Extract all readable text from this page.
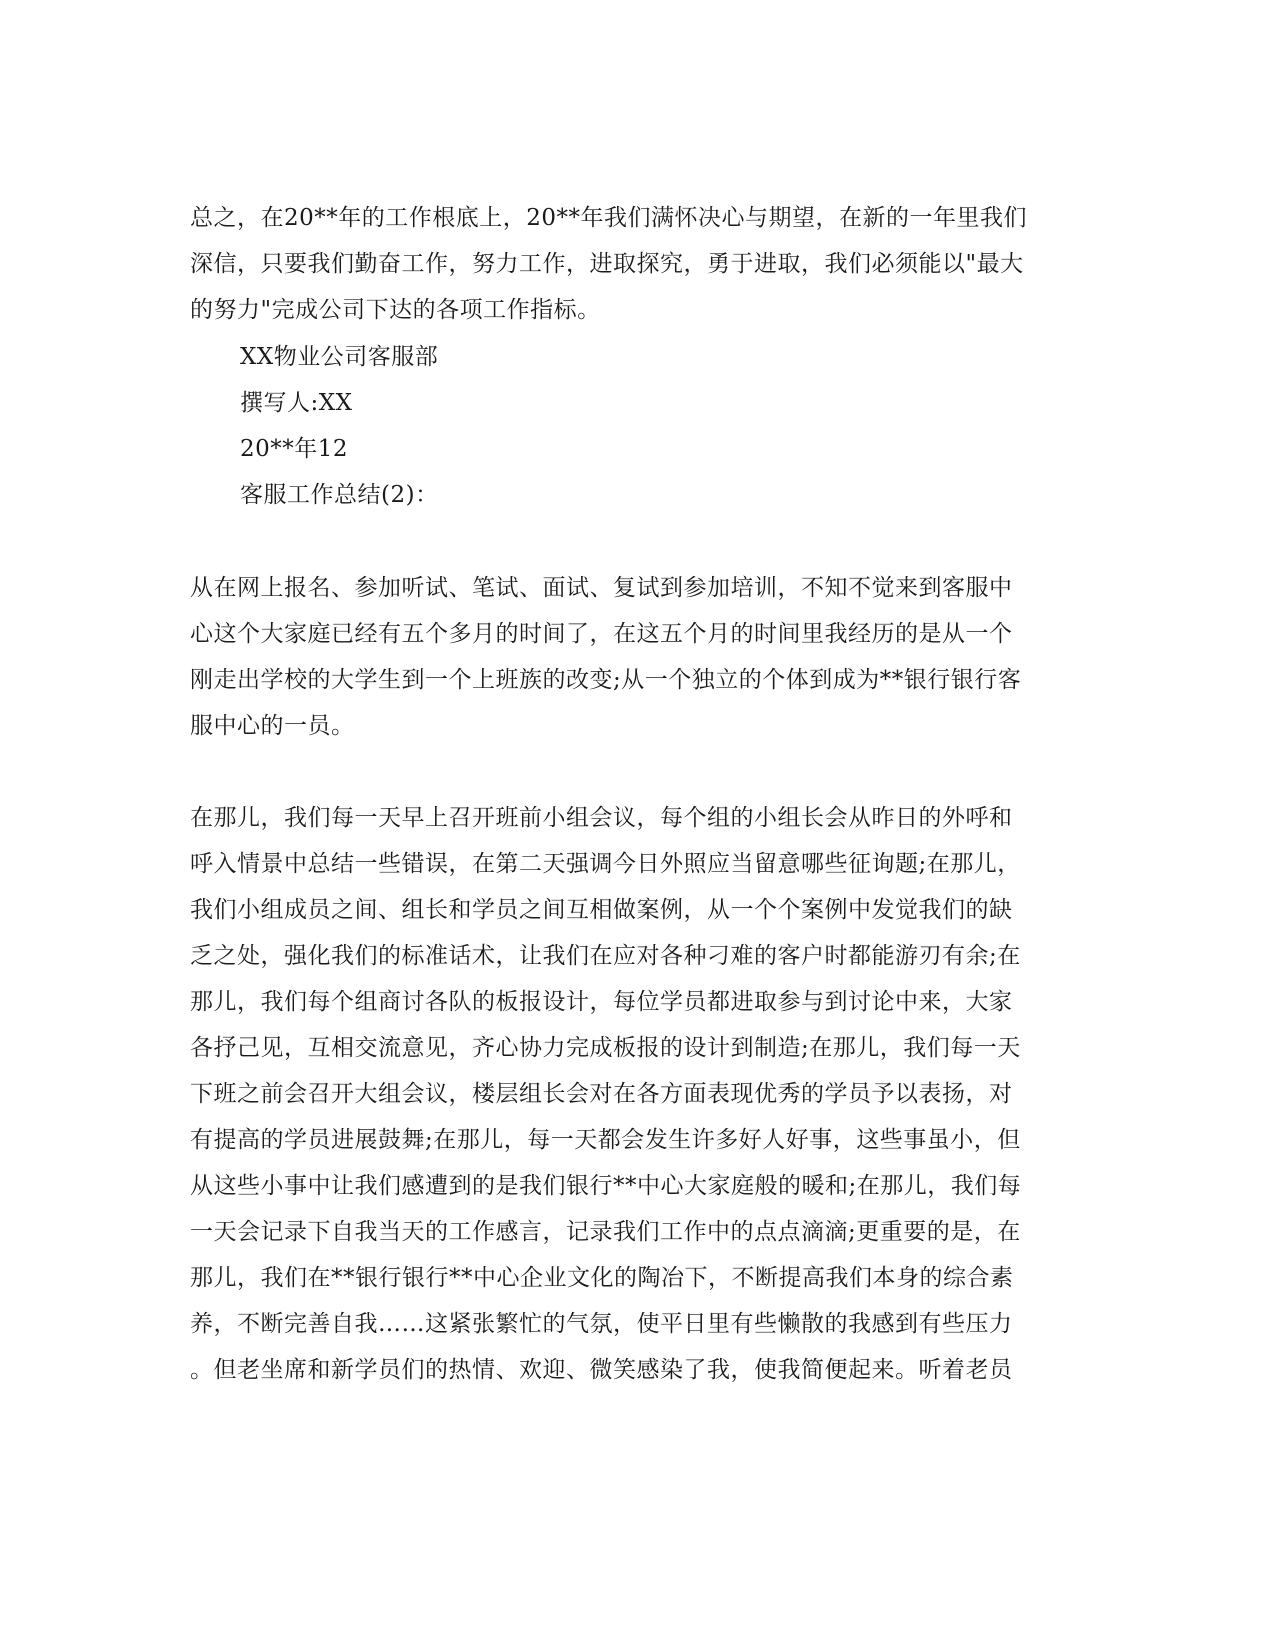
总之，在20**年的工作根底上，20**年我们满怀决心与期望，在新的一年里我们
深信，只要我们勤奋工作，努力工作，进取探究，勇于进取，我们必须能以"最大
的努力"完成公司下达的各项工作指标。
XX物业公司客服部
撰写人:XX
20**年12
客服工作总结(2)：
从在网上报名、参加听试、笔试、面试、复试到参加培训，不知不觉来到客服中
心这个大家庭已经有五个多月的时间了，在这五个月的时间里我经历的是从一个
刚走出学校的大学生到一个上班族的改变;从一个独立的个体到成为**银行银行客
服中心的一员。
在那儿，我们每一天早上召开班前小组会议，每个组的小组长会从昨日的外呼和
呼入情景中总结一些错误，在第二天强调今日外照应当留意哪些征询题;在那儿，
我们小组成员之间、组长和学员之间互相做案例，从一个个案例中发觉我们的缺
乏之处，强化我们的标准话术，让我们在应对各种刁难的客户时都能游刃有余;在
那儿，我们每个组商讨各队的板报设计，每位学员都进取参与到讨论中来，大家
各抒己见，互相交流意见，齐心协力完成板报的设计到制造;在那儿，我们每一天
下班之前会召开大组会议，楼层组长会对在各方面表现优秀的学员予以表扬，对
有提高的学员进展鼓舞;在那儿，每一天都会发生许多好人好事，这些事虽小，但
从这些小事中让我们感遭到的是我们银行**中心大家庭般的暖和;在那儿，我们每
一天会记录下自我当天的工作感言，记录我们工作中的点点滴滴;更重要的是，在
那儿，我们在**银行银行**中心企业文化的陶冶下，不断提高我们本身的综合素
养，不断完善自我……这紧张繁忙的气氛，使平日里有些懒散的我感到有些压力
。但老坐席和新学员们的热情、欢迎、微笑感染了我，使我简便起来。听着老员
